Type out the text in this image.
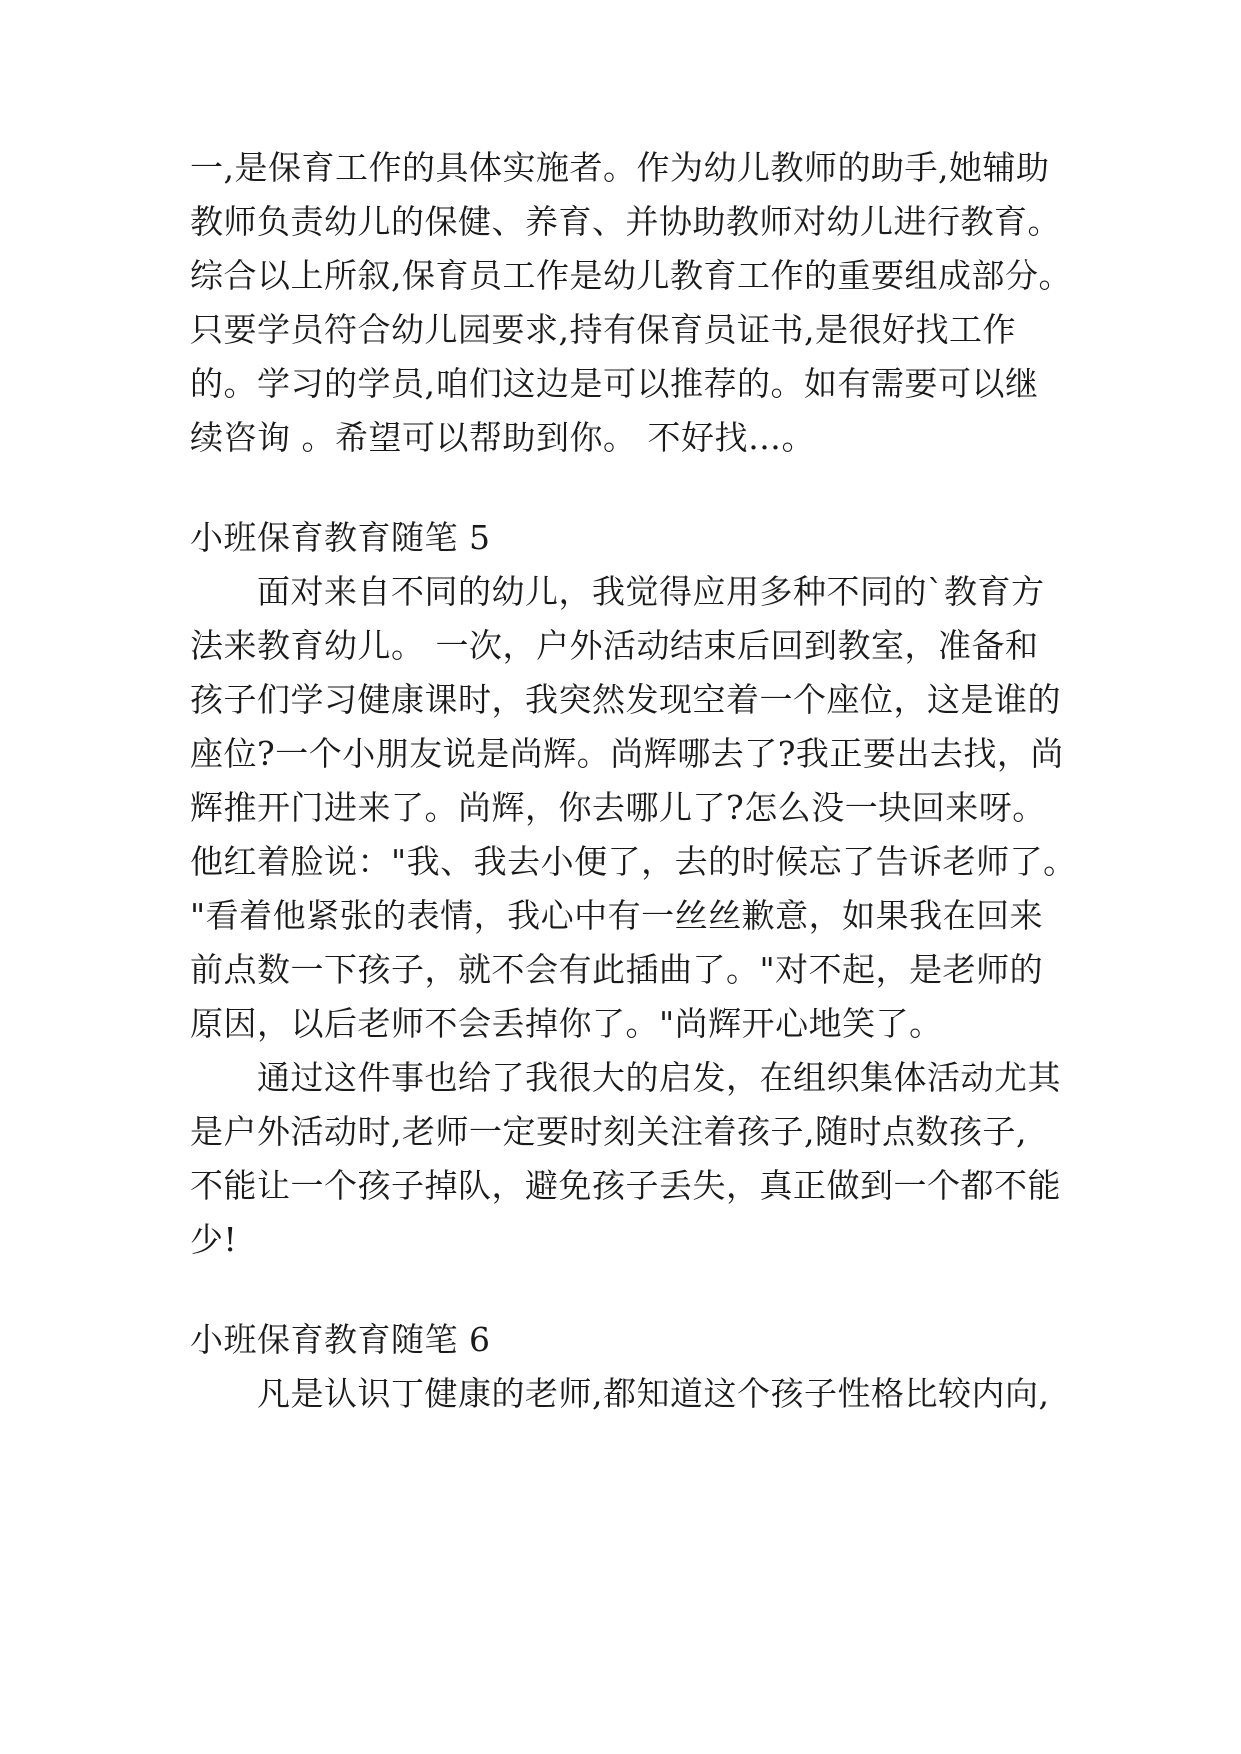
一,是保育工作的具体实施者。作为幼儿教师的助手,她辅助
教师负责幼儿的保健、养育、并协助教师对幼儿进行教育。
综合以上所叙,保育员工作是幼儿教育工作的重要组成部分。
只要学员符合幼儿园要求,持有保育员证书,是很好找工作
的。学习的学员,咱们这边是可以推荐的。如有需要可以继
续咨询 。希望可以帮助到你。 不好找…。
小班保育教育随笔 5
面对来自不同的幼儿，我觉得应用多种不同的`教育方
法来教育幼儿。 一次，户外活动结束后回到教室，准备和
孩子们学习健康课时，我突然发现空着一个座位，这是谁的
座位?一个小朋友说是尚辉。尚辉哪去了?我正要出去找，尚
辉推开门进来了。尚辉，你去哪儿了?怎么没一块回来呀。
他红着脸说："我、我去小便了，去的时候忘了告诉老师了。
"看着他紧张的表情，我心中有一丝丝歉意，如果我在回来
前点数一下孩子，就不会有此插曲了。"对不起，是老师的
原因，以后老师不会丢掉你了。"尚辉开心地笑了。
通过这件事也给了我很大的启发，在组织集体活动尤其
是户外活动时,老师一定要时刻关注着孩子,随时点数孩子,
不能让一个孩子掉队，避免孩子丢失，真正做到一个都不能
少!
小班保育教育随笔 6
凡是认识丁健康的老师,都知道这个孩子性格比较内向,
